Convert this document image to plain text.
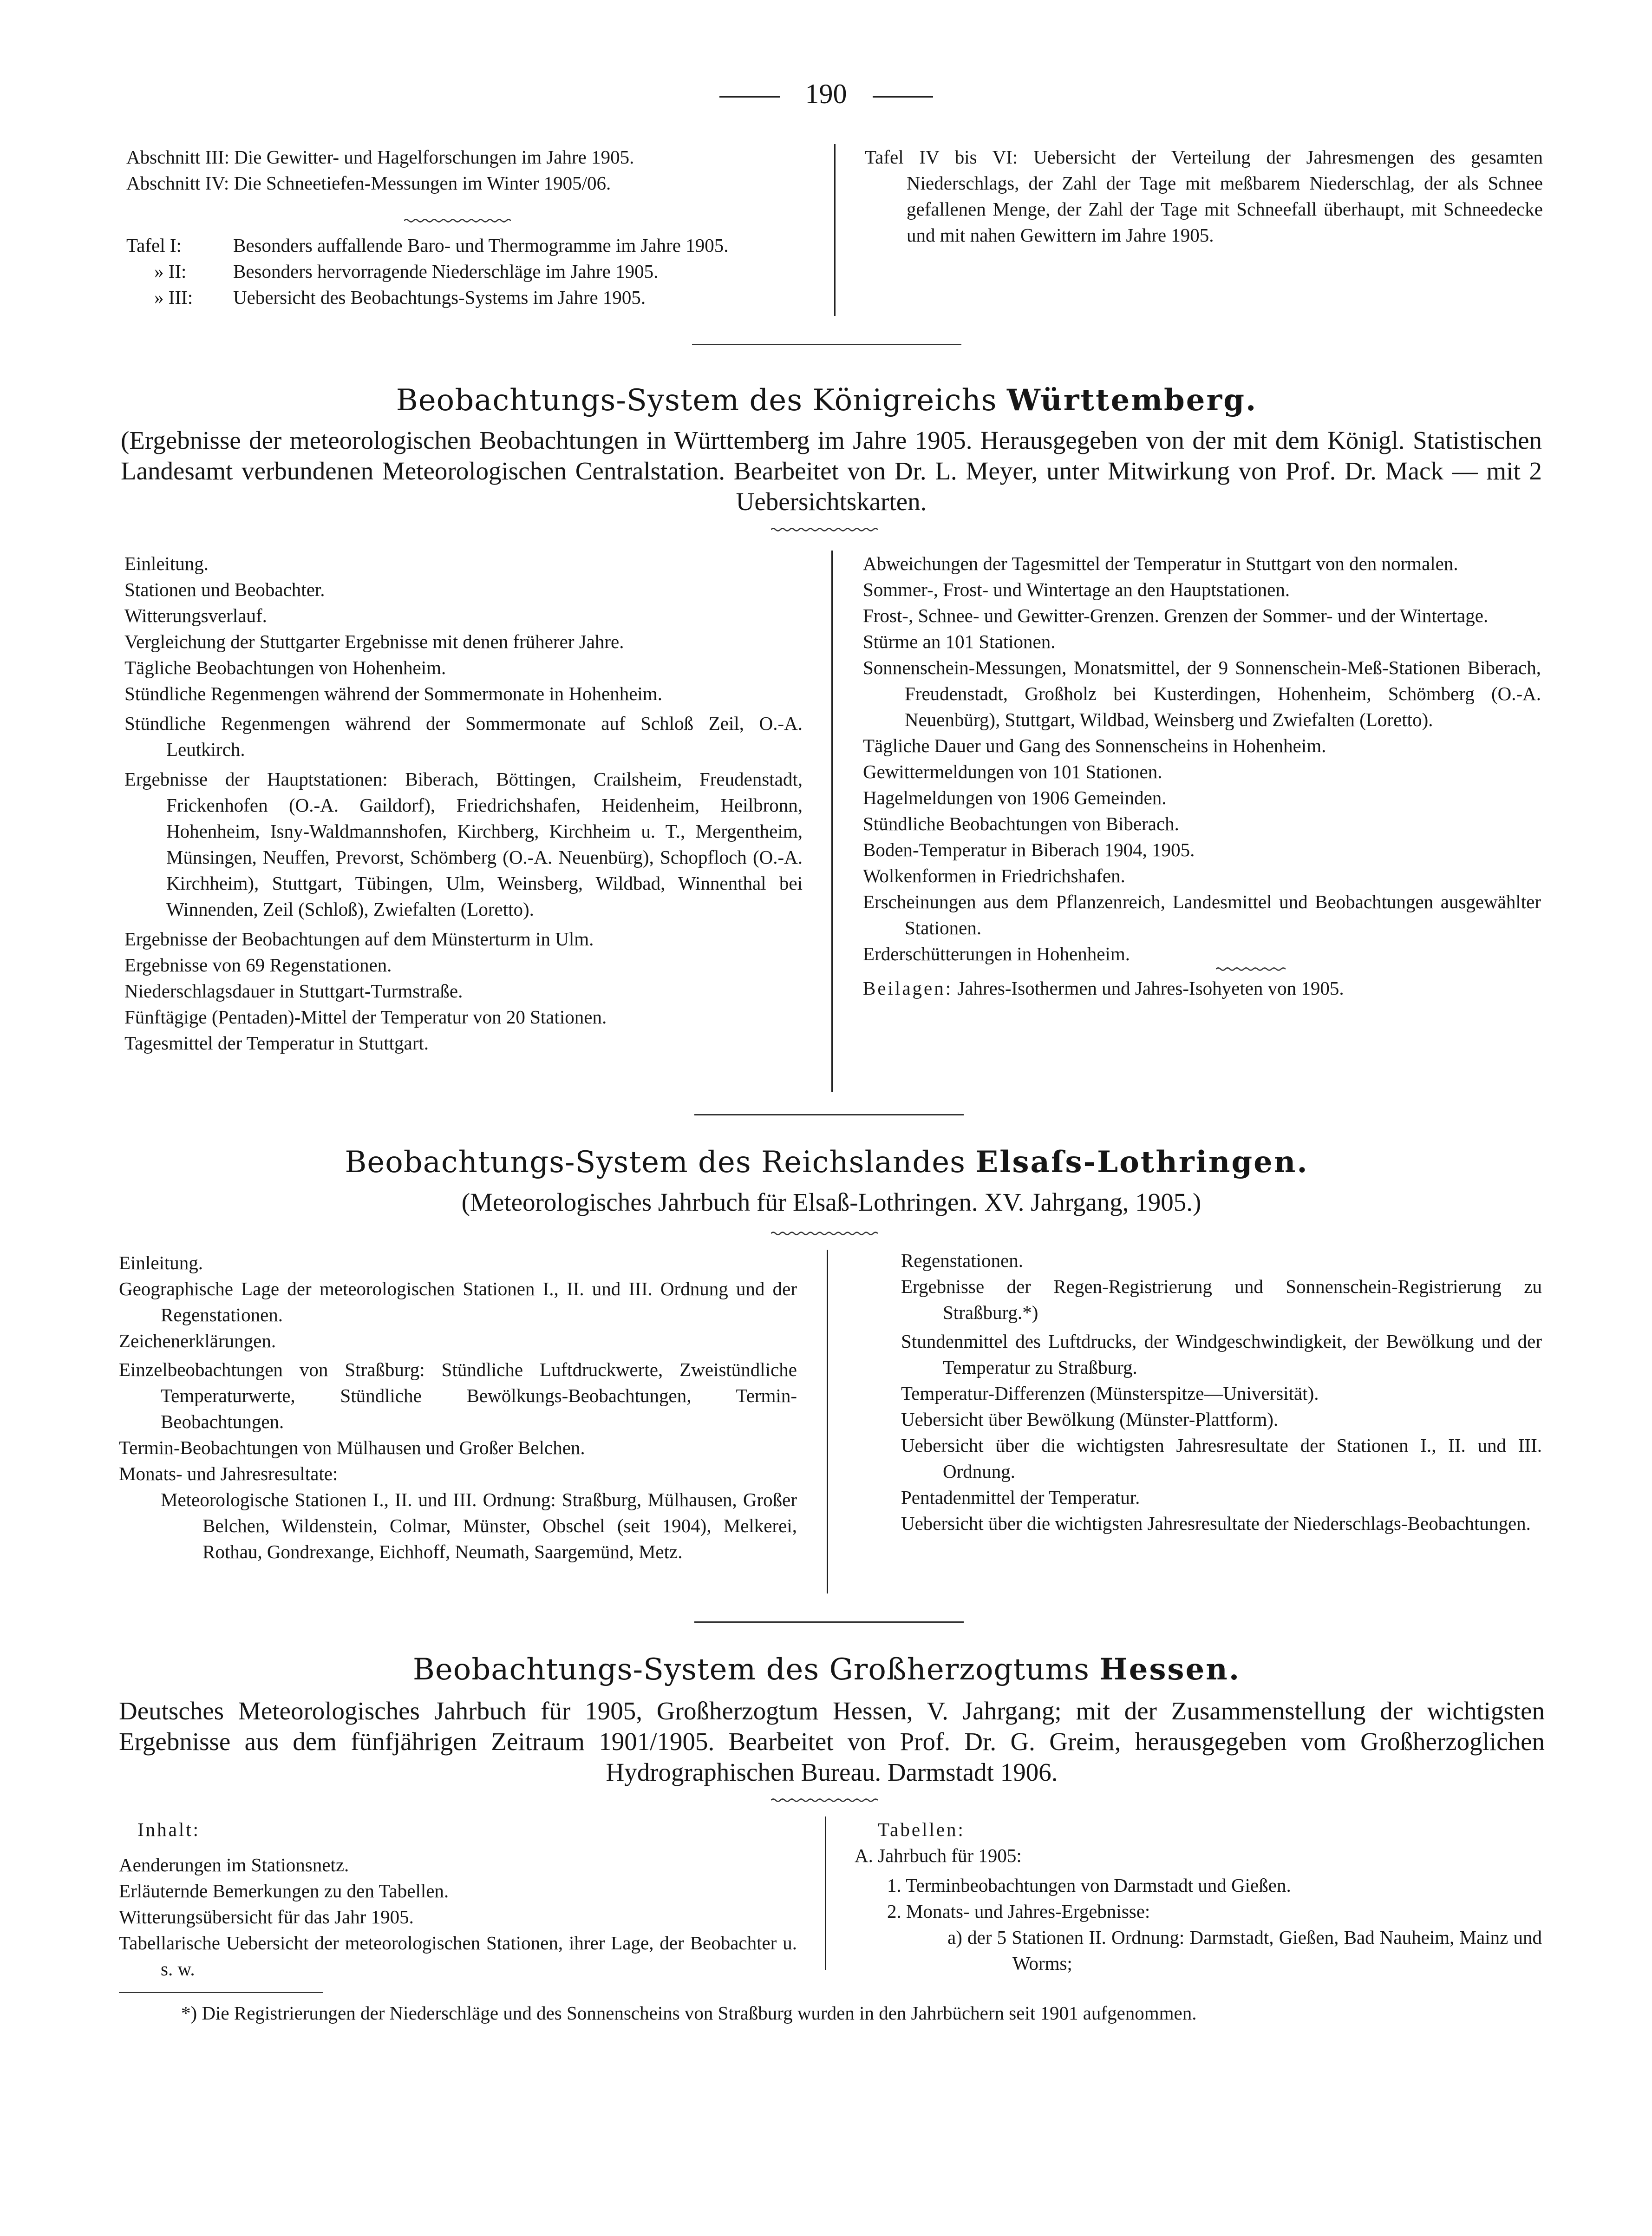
190

Abschnitt III: Die Gewitter- und Hagelforschungen im Jahre 1905.

Abschnitt IV: Die Schneetiefen-Messungen im Winter 1905/06.

Tafel I:	Besonders auffallende Baro- und Thermogramme im Jahre 1905.
» II:	Besonders hervorragende Niederschläge im Jahre 1905.
» III:	Uebersicht des Beobachtungs-Systems im Jahre 1905.

Tafel IV bis VI: Uebersicht der Verteilung der Jahresmengen des gesamten Niederschlags, der Zahl der Tage mit meßbarem Niederschlag, der als Schnee gefallenen Menge, der Zahl der Tage mit Schneefall überhaupt, mit Schneedecke und mit nahen Gewittern im Jahre 1905.

Beobachtungs-System des Königreichs Württemberg.
(Ergebnisse der meteorologischen Beobachtungen in Württemberg im Jahre 1905. Herausgegeben von der mit dem Königl. Statistischen Landesamt verbundenen Meteorologischen Centralstation. Bearbeitet von Dr. L. Meyer, unter Mitwirkung von Prof. Dr. Mack — mit 2 Uebersichtskarten.

Einleitung.

Stationen und Beobachter.

Witterungsverlauf.

Vergleichung der Stuttgarter Ergebnisse mit denen früherer Jahre.

Tägliche Beobachtungen von Hohenheim.

Stündliche Regenmengen während der Sommermonate in Hohenheim.

Stündliche Regenmengen während der Sommermonate auf Schloß Zeil, O.-A. Leutkirch.

Ergebnisse der Hauptstationen: Biberach, Böttingen, Crailsheim, Freudenstadt, Frickenhofen (O.-A. Gaildorf), Friedrichshafen, Heidenheim, Heilbronn, Hohenheim, Isny-Waldmannshofen, Kirchberg, Kirchheim u. T., Mergentheim, Münsingen, Neuffen, Prevorst, Schömberg (O.-A. Neuenbürg), Schopfloch (O.-A. Kirchheim), Stuttgart, Tübingen, Ulm, Weinsberg, Wildbad, Winnenthal bei Winnenden, Zeil (Schloß), Zwiefalten (Loretto).

Ergebnisse der Beobachtungen auf dem Münsterturm in Ulm.

Ergebnisse von 69 Regenstationen.

Niederschlagsdauer in Stuttgart-Turmstraße.

Fünftägige (Pentaden)-Mittel der Temperatur von 20 Stationen.

Tagesmittel der Temperatur in Stuttgart.

Abweichungen der Tagesmittel der Temperatur in Stuttgart von den normalen.

Sommer-, Frost- und Wintertage an den Hauptstationen.

Frost-, Schnee- und Gewitter-Grenzen. Grenzen der Sommer- und der Wintertage.

Stürme an 101 Stationen.

Sonnenschein-Messungen, Monatsmittel, der 9 Sonnenschein-Meß-Stationen Biberach, Freudenstadt, Großholz bei Kusterdingen, Hohenheim, Schömberg (O.-A. Neuenbürg), Stuttgart, Wildbad, Weinsberg und Zwiefalten (Loretto).

Tägliche Dauer und Gang des Sonnenscheins in Hohenheim.

Gewittermeldungen von 101 Stationen.

Hagelmeldungen von 1906 Gemeinden.

Stündliche Beobachtungen von Biberach.

Boden-Temperatur in Biberach 1904, 1905.

Wolkenformen in Friedrichshafen.

Erscheinungen aus dem Pflanzenreich, Landesmittel und Beobachtungen ausgewählter Stationen.

Erderschütterungen in Hohenheim.

Beilagen: Jahres-Isothermen und Jahres-Isohyeten von 1905.

Beobachtungs-System des Reichslandes Elsaſs-Lothringen.
(Meteorologisches Jahrbuch für Elsaß-Lothringen. XV. Jahrgang, 1905.)

Einleitung.

Geographische Lage der meteorologischen Stationen I., II. und III. Ordnung und der Regenstationen.

Zeichenerklärungen.

Einzelbeobachtungen von Straßburg: Stündliche Luftdruckwerte, Zweistündliche Temperaturwerte, Stündliche Bewölkungs-Beobachtungen, Termin-Beobachtungen.

Termin-Beobachtungen von Mülhausen und Großer Belchen.

Monats- und Jahresresultate:

Meteorologische Stationen I., II. und III. Ordnung: Straßburg, Mülhausen, Großer Belchen, Wildenstein, Colmar, Münster, Obschel (seit 1904), Melkerei, Rothau, Gondrexange, Eichhoff, Neumath, Saargemünd, Metz.

Regenstationen.

Ergebnisse der Regen-Registrierung und Sonnenschein-Registrierung zu Straßburg.*)

Stundenmittel des Luftdrucks, der Windgeschwindigkeit, der Bewölkung und der Temperatur zu Straßburg.

Temperatur-Differenzen (Münsterspitze—Universität).

Uebersicht über Bewölkung (Münster-Plattform).

Uebersicht über die wichtigsten Jahresresultate der Stationen I., II. und III. Ordnung.

Pentadenmittel der Temperatur.

Uebersicht über die wichtigsten Jahresresultate der Niederschlags-Beobachtungen.

Beobachtungs-System des Großherzogtums Hessen.
Deutsches Meteorologisches Jahrbuch für 1905, Großherzogtum Hessen, V. Jahrgang; mit der Zusammenstellung der wichtigsten Ergebnisse aus dem fünfjährigen Zeitraum 1901/1905. Bearbeitet von Prof. Dr. G. Greim, herausgegeben vom Großherzoglichen Hydrographischen Bureau. Darmstadt 1906.

Inhalt:

Aenderungen im Stationsnetz.

Erläuternde Bemerkungen zu den Tabellen.

Witterungsübersicht für das Jahr 1905.

Tabellarische Uebersicht der meteorologischen Stationen, ihrer Lage, der Beobachter u. s. w.

Tabellen:

A. Jahrbuch für 1905:

1. Terminbeobachtungen von Darmstadt und Gießen.

2. Monats- und Jahres-Ergebnisse:

a) der 5 Stationen II. Ordnung: Darmstadt, Gießen, Bad Nauheim, Mainz und Worms;

*) Die Registrierungen der Niederschläge und des Sonnenscheins von Straßburg wurden in den Jahrbüchern seit 1901 aufgenommen.
